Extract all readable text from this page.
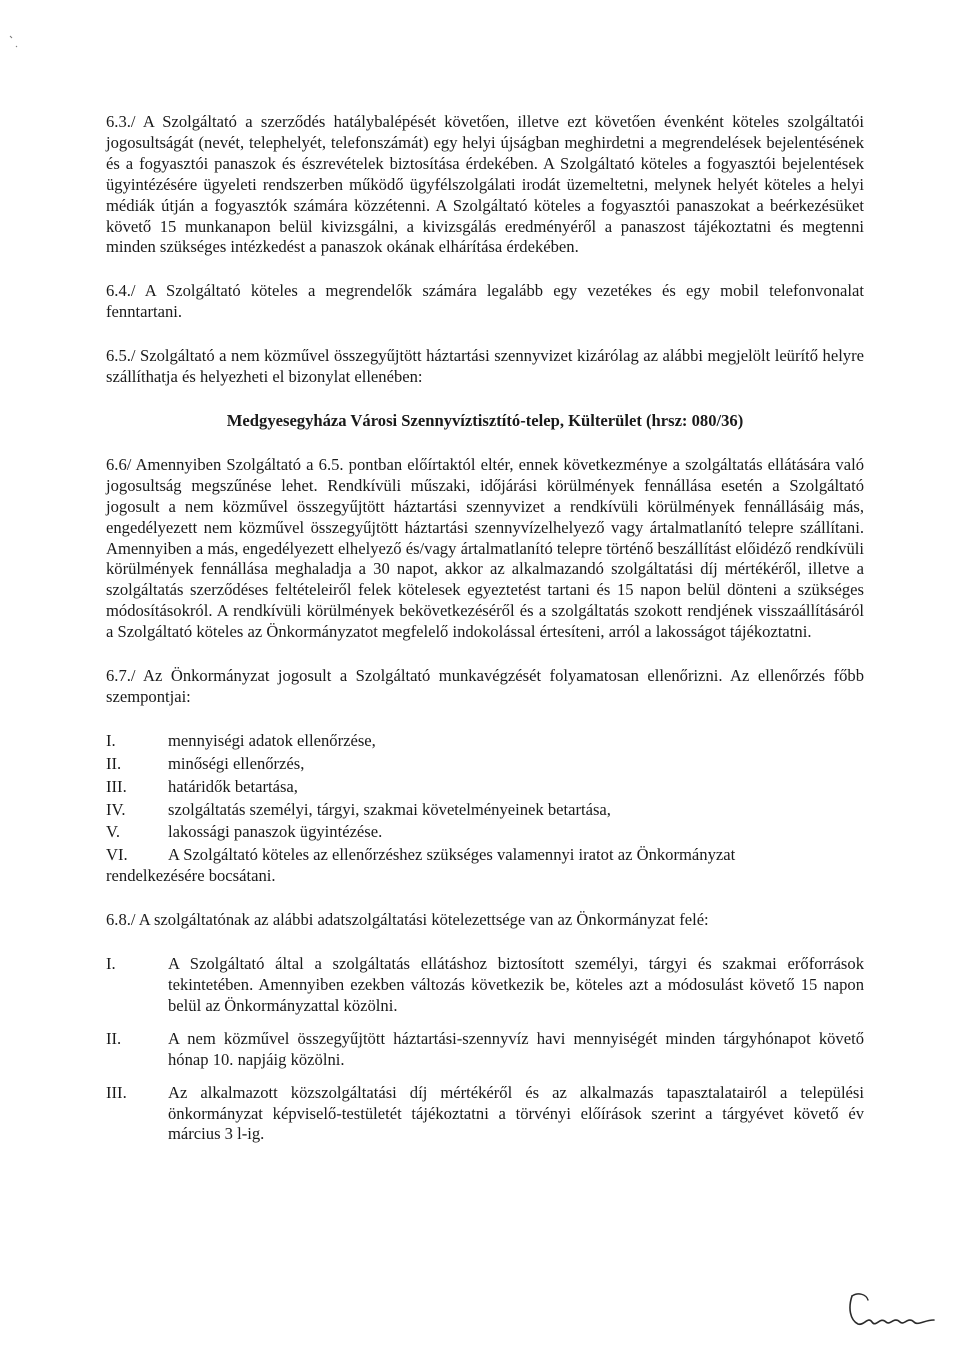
6.3./ A Szolgáltató a szerződés hatálybalépését követően, illetve ezt követően évenként köteles szolgáltatói jogosultságát (nevét, telephelyét, telefonszámát) egy helyi újságban meghirdetni a megrendelések bejelentésének és a fogyasztói panaszok és észrevételek biztosítása érdekében. A Szolgáltató köteles a fogyasztói bejelentések ügyintézésére ügyeleti rendszerben működő ügyfélszolgálati irodát üzemeltetni, melynek helyét köteles a helyi médiák útján a fogyasztók számára közzétenni. A Szolgáltató köteles a fogyasztói panaszokat a beérkezésüket követő 15 munkanapon belül kivizsgálni, a kivizsgálás eredményéről a panaszost tájékoztatni és megtenni minden szükséges intézkedést a panaszok okának elhárítása érdekében.

6.4./ A Szolgáltató köteles a megrendelők számára legalább egy vezetékes és egy mobil telefonvonalat fenntartani.

6.5./ Szolgáltató a nem közművel összegyűjtött háztartási szennyvizet kizárólag az alábbi megjelölt leürítő helyre szállíthatja és helyezheti el bizonylat ellenében:

Medgyesegyháza Városi Szennyvíztisztító-telep, Külterület (hrsz: 080/36)

6.6/ Amennyiben Szolgáltató a 6.5. pontban előírtaktól eltér, ennek következménye a szolgáltatás ellátására való jogosultság megszűnése lehet. Rendkívüli műszaki, időjárási körülmények fennállása esetén a Szolgáltató jogosult a nem közművel összegyűjtött háztartási szennyvizet a rendkívüli körülmények fennállásáig más, engedélyezett nem közművel összegyűjtött háztartási szennyvízelhelyező vagy ártalmatlanító telepre szállítani. Amennyiben a más, engedélyezett elhelyező és/vagy ártalmatlanító telepre történő beszállítást előidéző rendkívüli körülmények fennállása meghaladja a 30 napot, akkor az alkalmazandó szolgáltatási díj mértékéről, illetve a szolgáltatás szerződéses feltételeiről felek kötelesek egyeztetést tartani és 15 napon belül dönteni a szükséges módosításokról. A rendkívüli körülmények bekövetkezéséről és a szolgáltatás szokott rendjének visszaállításáról a Szolgáltató köteles az Önkormányzatot megfelelő indokolással értesíteni, arról a lakosságot tájékoztatni.

6.7./ Az Önkormányzat jogosult a Szolgáltató munkavégzését folyamatosan ellenőrizni. Az ellenőrzés főbb szempontjai:

I.	mennyiségi adatok ellenőrzése,
II.	minőségi ellenőrzés,
III.	határidők betartása,
IV.	szolgáltatás személyi, tárgyi, szakmai követelményeinek betartása,
V.	lakossági panaszok ügyintézése.
VI.	A Szolgáltató köteles az ellenőrzéshez szükséges valamennyi iratot az Önkormányzat

rendelkezésére bocsátani.

6.8./ A szolgáltatónak az alábbi adatszolgáltatási kötelezettsége van az Önkormányzat felé:

I.	A Szolgáltató által a szolgáltatás ellátáshoz biztosított személyi, tárgyi és szakmai erőforrások tekintetében. Amennyiben ezekben változás következik be, köteles azt a módosulást követő 15 napon belül az Önkormányzattal közölni.
II.	A nem közművel összegyűjtött háztartási-szennyvíz havi mennyiségét minden tárgyhónapot követő hónap 10. napjáig közölni.
III.	Az alkalmazott közszolgáltatási díj mértékéről és az alkalmazás tapasztalatairól a települési önkormányzat képviselő-testületét tájékoztatni a törvényi előírások szerint a tárgyévet követő év március 3 l-ig.
